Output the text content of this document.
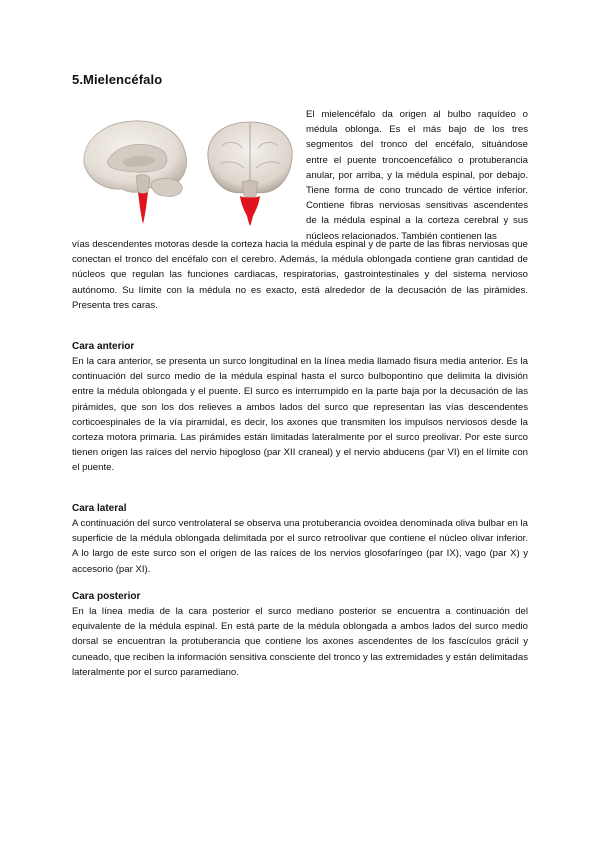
5.Mielencéfalo

El mielencéfalo da origen al bulbo raquídeo o médula oblonga. Es el más bajo de los tres segmentos del tronco del encéfalo, situándose entre el puente troncoencefálico o protuberancia anular, por arriba, y la médula espinal, por debajo. Tiene forma de cono truncado de vértice inferior. Contiene fibras nerviosas sensitivas ascendentes de la médula espinal a la corteza cerebral y sus núcleos relacionados. También contienen las

vías descendentes motoras desde la corteza hacia la médula espinal y de parte de las fibras nerviosas que conectan el tronco del encéfalo con el cerebro. Además, la médula oblongada contiene gran cantidad de núcleos que regulan las funciones cardiacas, respiratorias, gastrointestinales y del sistema nervioso autónomo. Su límite con la médula no es exacto, está alrededor de la decusación de las pirámides. Presenta tres caras.

Cara anterior

En la cara anterior, se presenta un surco longitudinal en la línea media llamado fisura media anterior. Es la continuación del surco medio de la médula espinal hasta el surco bulbopontino que delimita la división entre la médula oblongada y el puente. El surco es interrumpido en la parte baja por la decusación de las pirámides, que son los dos relieves a ambos lados del surco que representan las vías descendentes corticoespinales de la vía piramidal, es decir, los axones que transmiten los impulsos nerviosos desde la corteza motora primaria. Las pirámides están limitadas lateralmente por el surco preolivar. Por este surco tienen origen las raíces del nervio hipogloso (par XII craneal) y el nervio abducens (par VI) en el límite con el puente.

Cara lateral

A continuación del surco ventrolateral se observa una protuberancia ovoidea denominada oliva bulbar en la superficie de la médula oblongada delimitada por el surco retroolivar que contiene el núcleo olivar inferior. A lo largo de este surco son el origen de las raíces de los nervios glosofaríngeo (par IX), vago (par X) y accesorio (par XI).

Cara posterior

En la línea media de la cara posterior el surco mediano posterior se encuentra a continuación del equivalente de la médula espinal. En está parte de la médula oblongada a ambos lados del surco medio dorsal se encuentran la protuberancia que contiene los axones ascendentes de los fascículos grácil y cuneado, que reciben la información sensitiva consciente del tronco y las extremidades y están delimitadas lateralmente por el surco paramediano.
